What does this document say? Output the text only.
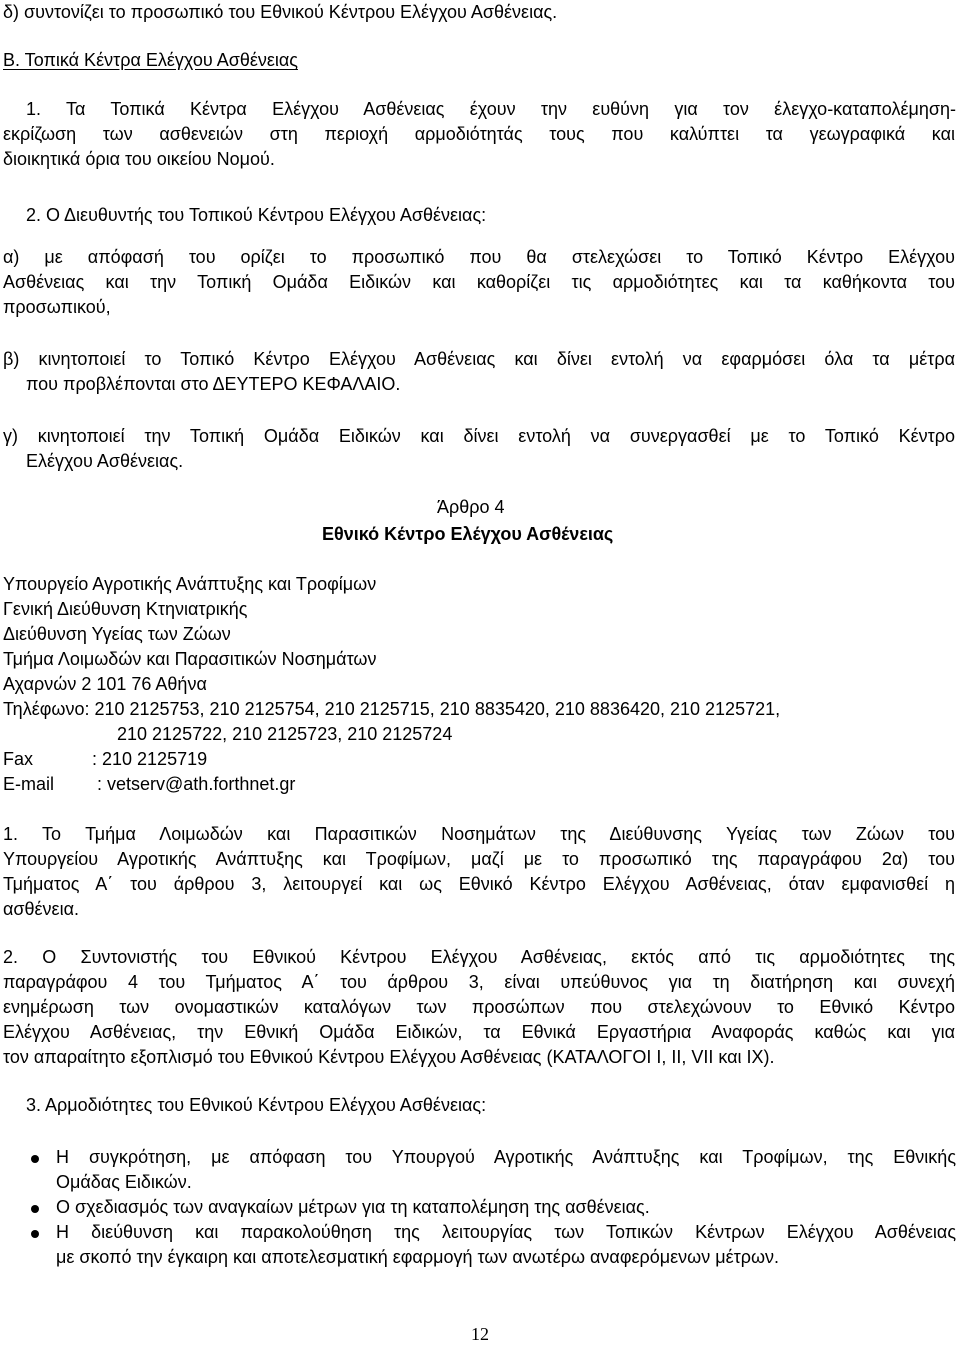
δ) συντονίζει το προσωπικό του Εθνικού Κέντρου Ελέγχου Ασθένειας.
Β. Τοπικά Κέντρα Ελέγχου Ασθένειας
1. Τα Τοπικά Κέντρα Ελέγχου Ασθένειας έχουν την ευθύνη για τον έλεγχο-καταπολέμηση-
εκρίζωση των ασθενειών στη περιοχή αρμοδιότητάς τους που καλύπτει τα γεωγραφικά και
διοικητικά όρια του οικείου Νομού.
2. Ο Διευθυντής του Τοπικού Κέντρου Ελέγχου Ασθένειας:
α) με απόφασή του ορίζει το προσωπικό που θα στελεχώσει το Τοπικό Κέντρο Ελέγχου
Ασθένειας και την Τοπική Ομάδα Ειδικών και καθορίζει τις αρμοδιότητες και τα καθήκοντα του
προσωπικού,
β) κινητοποιεί το Τοπικό Κέντρο Ελέγχου Ασθένειας και δίνει εντολή να εφαρμόσει όλα τα μέτρα
που προβλέπονται στο ΔΕΥΤΕΡΟ ΚΕΦΑΛΑΙΟ.
γ) κινητοποιεί την Τοπική Ομάδα Ειδικών και δίνει εντολή να συνεργασθεί με το Τοπικό Κέντρο
Ελέγχου Ασθένειας.
Άρθρο 4
Εθνικό Κέντρο Ελέγχου Ασθένειας
Υπουργείο Αγροτικής Ανάπτυξης και Τροφίμων
Γενική Διεύθυνση Κτηνιατρικής
Διεύθυνση Υγείας των Ζώων
Τμήμα Λοιμωδών και Παρασιτικών Νοσημάτων
Αχαρνών 2 101 76 Αθήνα
Τηλέφωνο: 210 2125753, 210 2125754, 210 2125715, 210 8835420, 210 8836420, 210 2125721,
210 2125722, 210 2125723, 210 2125724
Fax	: 210 2125719
E-mail : vetserv@ath.forthnet.gr
1. Το Τμήμα Λοιμωδών και Παρασιτικών Νοσημάτων της Διεύθυνσης Υγείας των Ζώων του
Υπουργείου Αγροτικής Ανάπτυξης και Τροφίμων, μαζί με το προσωπικό της παραγράφου 2α) του
Τμήματος Α΄ του άρθρου 3, λειτουργεί και ως Εθνικό Κέντρο Ελέγχου Ασθένειας, όταν εμφανισθεί η
ασθένεια.
2. Ο Συντονιστής του Εθνικού Κέντρου Ελέγχου Ασθένειας, εκτός από τις αρμοδιότητες της
παραγράφου 4 του Τμήματος Α΄ του άρθρου 3, είναι υπεύθυνος για τη διατήρηση και συνεχή
ενημέρωση των ονομαστικών καταλόγων των προσώπων που στελεχώνουν το Εθνικό Κέντρο
Ελέγχου Ασθένειας, την Εθνική Ομάδα Ειδικών, τα Εθνικά Εργαστήρια Αναφοράς καθώς και για
τον απαραίτητο εξοπλισμό του Εθνικού Κέντρου Ελέγχου Ασθένειας (ΚΑΤΑΛΟΓΟΙ Ι, ΙΙ, VII και ΙΧ).
3. Αρμοδιότητες του Εθνικού Κέντρου Ελέγχου Ασθένειας:
Η συγκρότηση, με απόφαση του Υπουργού Αγροτικής Ανάπτυξης και Τροφίμων, της Εθνικής
Ομάδας Ειδικών.
Ο σχεδιασμός των αναγκαίων μέτρων για τη καταπολέμηση της ασθένειας.
Η διεύθυνση και παρακολούθηση της λειτουργίας των Τοπικών Κέντρων Ελέγχου Ασθένειας
με σκοπό την έγκαιρη και αποτελεσματική εφαρμογή των ανωτέρω αναφερόμενων μέτρων.
12
